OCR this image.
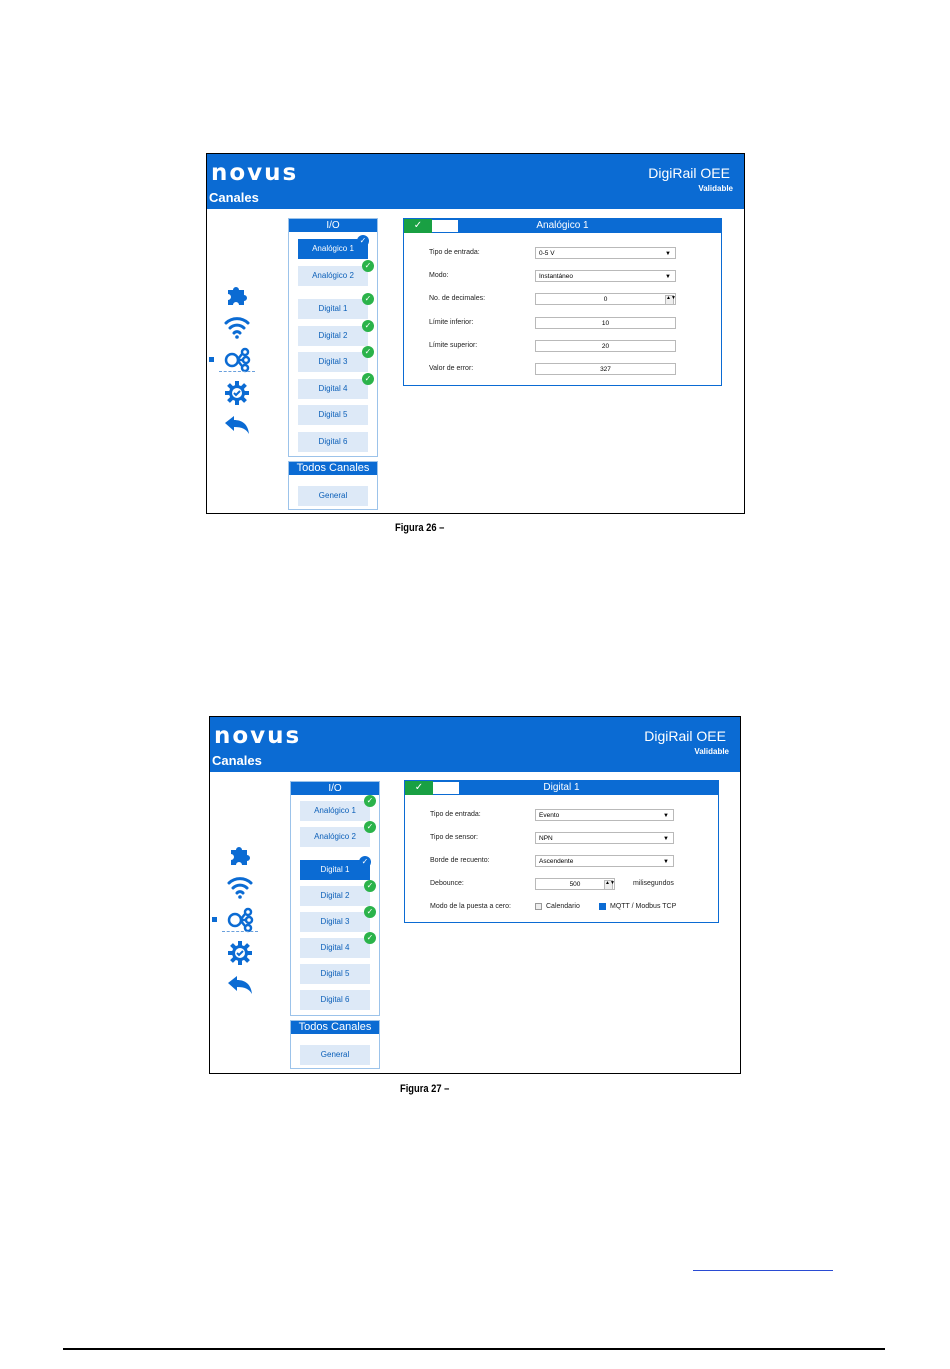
novus
Canales
DigiRail OEE
Validable
I/O
Analógico 1
✓
Analógico 2
✓
Digital 1
✓
Digital 2
✓
Digital 3
✓
Digital 4
✓
Digital 5
Digital 6
Todos Canales
General
Analógico 1
✓
Tipo de entrada:	0-5 V	▼
Modo:	Instantáneo	▼
No. de decimales:	0	▲▼
Límite inferior:	10
Límite superior:	20
Valor de error:	327
Figura 26 –
novus
Canales
DigiRail OEE
Validable
I/O
Analógico 1
✓
Analógico 2
✓
Digital 1
✓
Digital 2
✓
Digital 3
✓
Digital 4
✓
Digital 5
Digital 6
Todos Canales
General
Digital 1
✓
Tipo de entrada:	Evento	▼
Tipo de sensor:	NPN	▼
Borde de recuento:	Ascendente	▼
Debounce:	500	▲▼	milisegundos
Modo de la puesta a cero:	Calendario	MQTT / Modbus TCP
Figura 27 –
